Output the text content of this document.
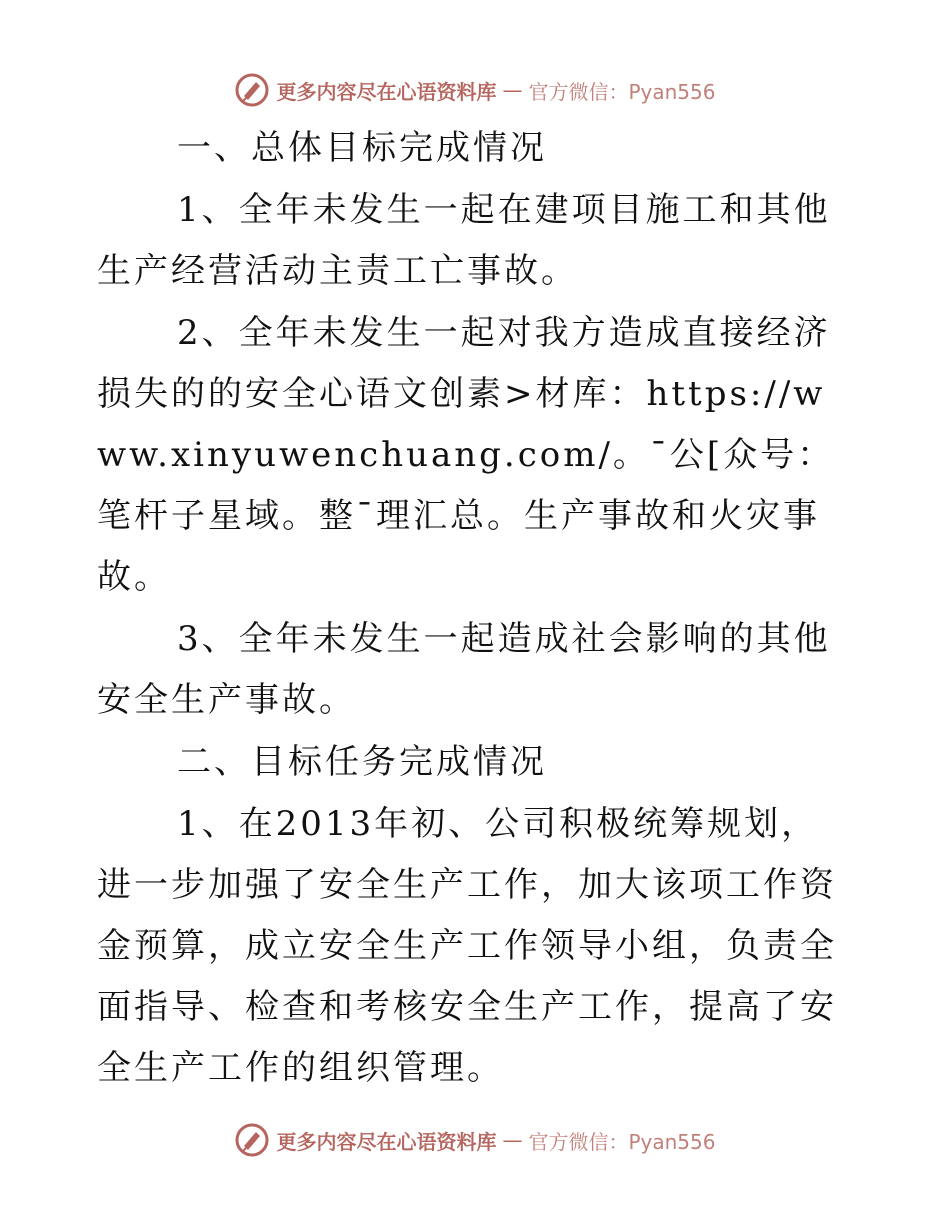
更多内容尽在心语资料库 — 官方微信：Pyan556

一、总体目标完成情况

1、全年未发生一起在建项目施工和其他生产经营活动主责工亡事故。

2、全年未发生一起对我方造成直接经济损失的的安全心语文创素>材库：https://www.xinyuwenchuang.com/。¯公[众号：笔杆子星域。整¯理汇总。生产事故和火灾事故。

3、全年未发生一起造成社会影响的其他安全生产事故。

二、目标任务完成情况

1、在2013年初、公司积极统筹规划，进一步加强了安全生产工作，加大该项工作资金预算，成立安全生产工作领导小组，负责全面指导、检查和考核安全生产工作，提高了安全生产工作的组织管理。

更多内容尽在心语资料库 — 官方微信：Pyan556
